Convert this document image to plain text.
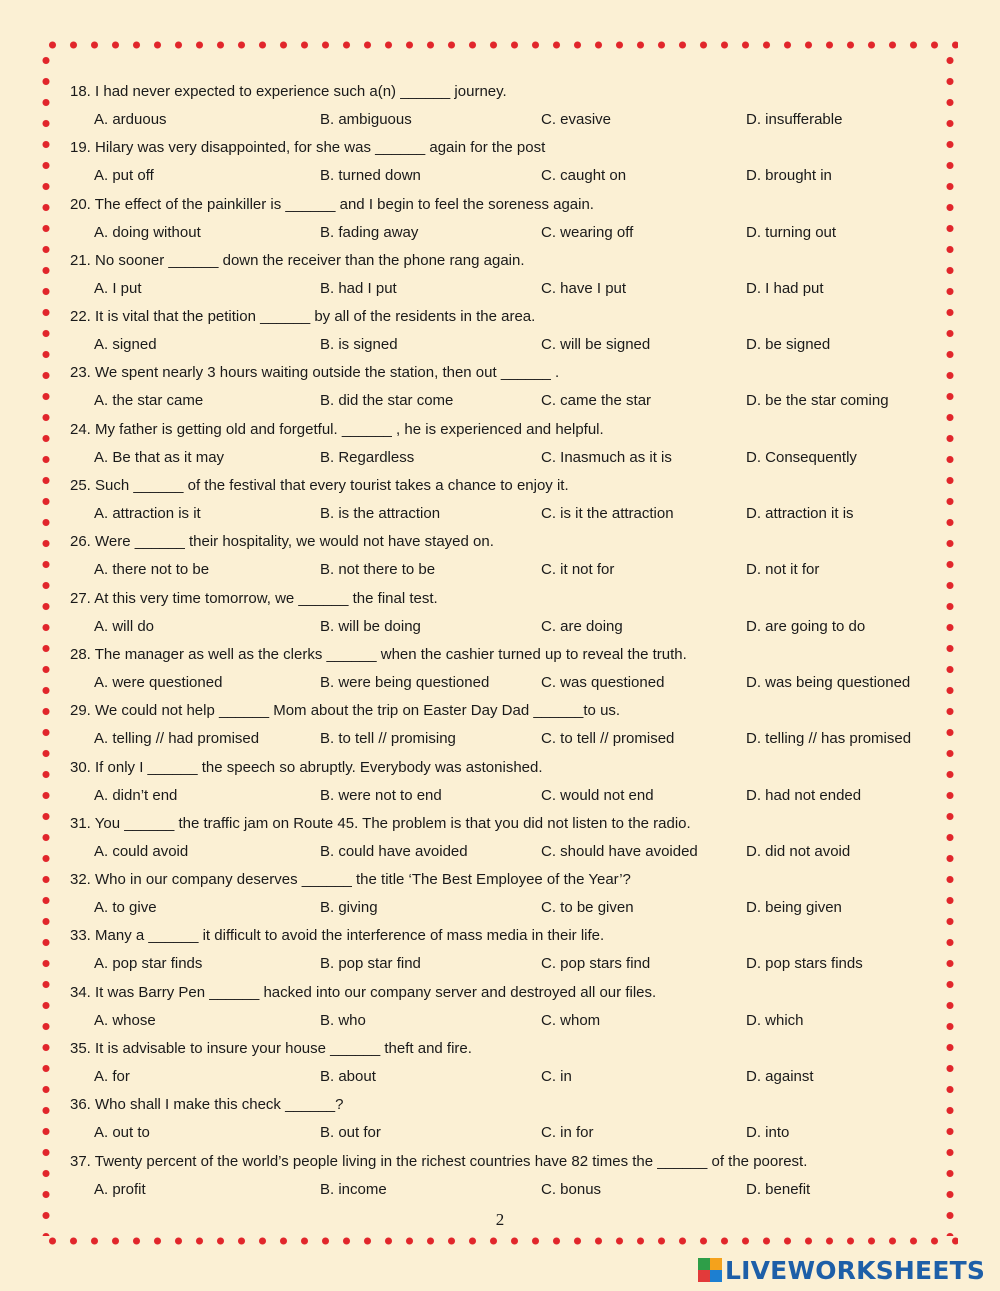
18. I had never expected to experience such a(n) ______ journey.
A. arduous	B. ambiguous	C. evasive	D. insufferable
19. Hilary was very disappointed, for she was ______ again for the post
A. put off	B. turned down	C. caught on	D. brought in
20. The effect of the painkiller is ______ and I begin to feel the soreness again.
A. doing without	B. fading away	C. wearing off	D. turning out
21. No sooner ______ down the receiver than the phone rang again.
A. I put	B. had I put	C. have I put	D. I had put
22. It is vital that the petition ______ by all of the residents in the area.
A. signed	B. is signed	C. will be signed	D. be signed
23. We spent nearly 3 hours waiting outside the station, then out ______ .
A. the star came	B. did the star come	C. came the star	D. be the star coming
24. My father is getting old and forgetful. ______ , he is experienced and helpful.
A. Be that as it may	B. Regardless	C. Inasmuch as it is	D. Consequently
25. Such ______ of the festival that every tourist takes a chance to enjoy it.
A. attraction is it	B. is the attraction	C. is it the attraction	D. attraction it is
26. Were ______ their hospitality, we would not have stayed on.
A. there not to be	B. not there to be	C. it not for	D. not it for
27. At this very time tomorrow, we ______ the final test.
A. will do	B. will be doing	C. are doing	D. are going to do
28. The manager as well as the clerks ______ when the cashier turned up to reveal the truth.
A. were questioned	B. were being questioned	C. was questioned	D. was being questioned
29. We could not help ______ Mom about the trip on Easter Day Dad ______to us.
A. telling // had promised	B. to tell // promising	C. to tell // promised	D. telling // has promised
30. If only I ______ the speech so abruptly. Everybody was astonished.
A. didn’t end	B. were not to end	C. would not end	D. had not ended
31. You ______ the traffic jam on Route 45. The problem is that you did not listen to the radio.
A. could avoid	B. could have avoided	C. should have avoided	D. did not avoid
32. Who in our company deserves ______ the title ‘The Best Employee of the Year’?
A. to give	B. giving	C. to be given	D. being given
33. Many a ______ it difficult to avoid the interference of mass media in their life.
A. pop star finds	B. pop star find	C. pop stars find	D. pop stars finds
34. It was Barry Pen ______ hacked into our company server and destroyed all our files.
A. whose	B. who	C. whom	D. which
35. It is advisable to insure your house ______ theft and fire.
A. for	B. about	C. in	D. against
36. Who shall I make this check ______?
A. out to	B. out for	C. in for	D. into
37. Twenty percent of the world’s people living in the richest countries have 82 times the ______ of the poorest.
A. profit	B. income	C. bonus	D. benefit
2
LIVEWORKSHEETS
